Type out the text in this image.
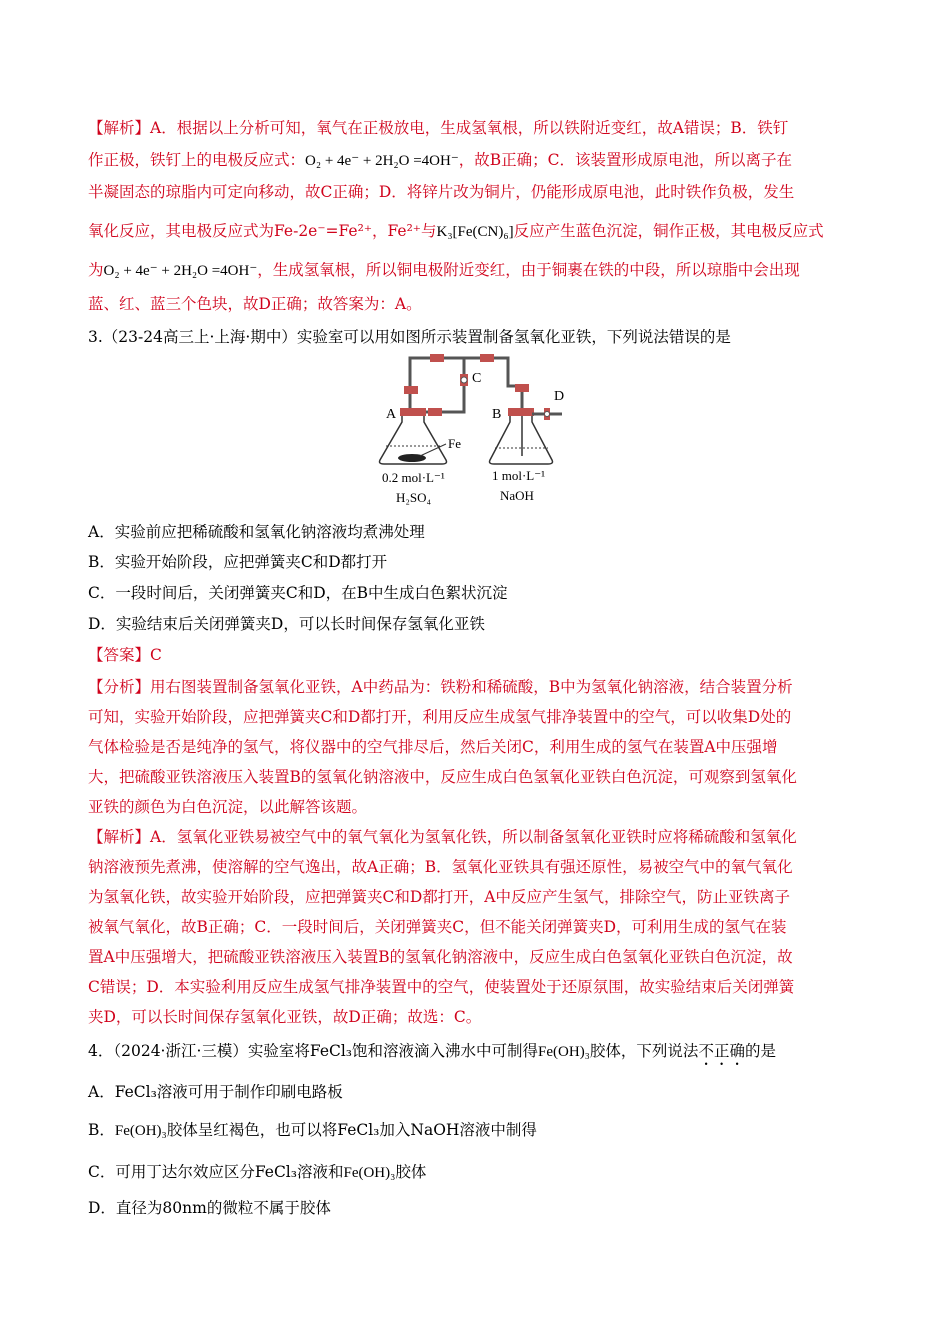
【解析】A．根据以上分析可知，氧气在正极放电，生成氢氧根，所以铁附近变红，故A错误；B．铁钉
作正极，铁钉上的电极反应式：O₂ + 4e⁻ + 2H₂O =4OH⁻，故B正确；C．该装置形成原电池，所以离子在
半凝固态的琼脂内可定向移动，故C正确；D．将锌片改为铜片，仍能形成原电池，此时铁作负极，发生
氧化反应，其电极反应式为Fe-2e⁻=Fe²⁺，Fe²⁺与K₃[Fe(CN)₆]反应产生蓝色沉淀，铜作正极，其电极反应式
为O₂ + 4e⁻ + 2H₂O =4OH⁻，生成氢氧根，所以铜电极附近变红，由于铜裹在铁的中段，所以琼脂中会出现
蓝、红、蓝三个色块，故D正确；故答案为：A。
3.（23-24高三上·上海·期中）实验室可以用如图所示装置制备氢氧化亚铁，下列说法错误的是
A	B
C
D
Fe
0.2 mol·L⁻¹
H₂SO₄
1 mol·L⁻¹
NaOH
A．实验前应把稀硫酸和氢氧化钠溶液均煮沸处理
B．实验开始阶段，应把弹簧夹C和D都打开
C．一段时间后，关闭弹簧夹C和D，在B中生成白色絮状沉淀
D．实验结束后关闭弹簧夹D，可以长时间保存氢氧化亚铁
【答案】C
【分析】用右图装置制备氢氧化亚铁，A中药品为：铁粉和稀硫酸，B中为氢氧化钠溶液，结合装置分析
可知，实验开始阶段，应把弹簧夹C和D都打开，利用反应生成氢气排净装置中的空气，可以收集D处的
气体检验是否是纯净的氢气，将仪器中的空气排尽后，然后关闭C，利用生成的氢气在装置A中压强增
大，把硫酸亚铁溶液压入装置B的氢氧化钠溶液中，反应生成白色氢氧化亚铁白色沉淀，可观察到氢氧化
亚铁的颜色为白色沉淀，以此解答该题。
【解析】A．氢氧化亚铁易被空气中的氧气氧化为氢氧化铁，所以制备氢氧化亚铁时应将稀硫酸和氢氧化
钠溶液预先煮沸，使溶解的空气逸出，故A正确；B．氢氧化亚铁具有强还原性，易被空气中的氧气氧化
为氢氧化铁，故实验开始阶段，应把弹簧夹C和D都打开，A中反应产生氢气，排除空气，防止亚铁离子
被氧气氧化，故B正确；C．一段时间后，关闭弹簧夹C，但不能关闭弹簧夹D，可利用生成的氢气在装
置A中压强增大，把硫酸亚铁溶液压入装置B的氢氧化钠溶液中，反应生成白色氢氧化亚铁白色沉淀，故
C错误；D．本实验利用反应生成氢气排净装置中的空气，使装置处于还原氛围，故实验结束后关闭弹簧
夹D，可以长时间保存氢氧化亚铁，故D正确；故选：C。
4．（2024·浙江·三模）实验室将FeCl₃饱和溶液滴入沸水中可制得Fe(OH)₃胶体，下列说法不正确的是
A．FeCl₃溶液可用于制作印刷电路板
B．Fe(OH)₃胶体呈红褐色，也可以将FeCl₃加入NaOH溶液中制得
C．可用丁达尔效应区分FeCl₃溶液和Fe(OH)₃胶体
D．直径为80nm的微粒不属于胶体
